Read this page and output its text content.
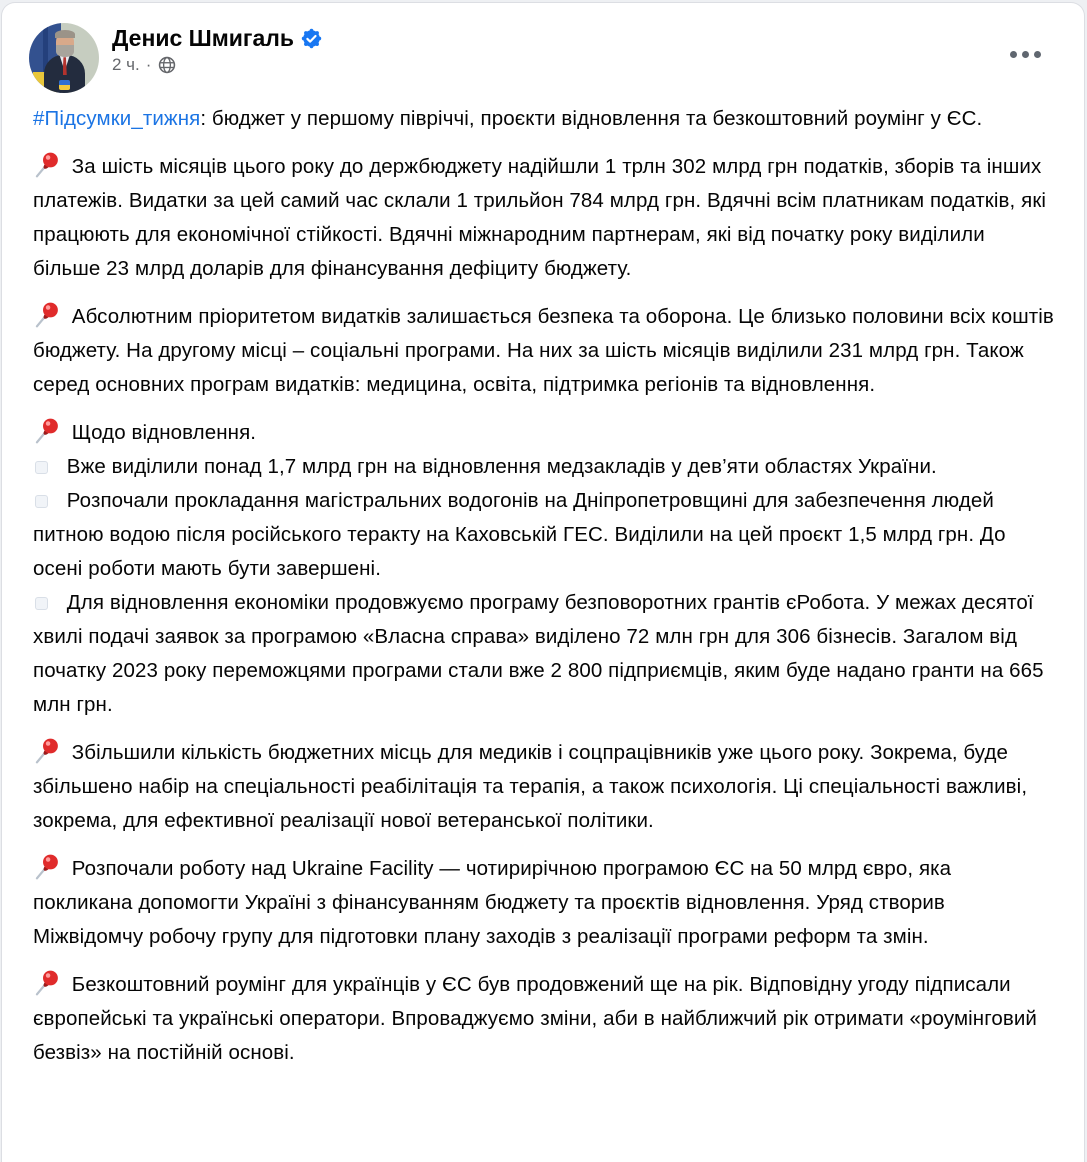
Денис Шмигаль
2 ч. ·
#Підсумки_тижня: бюджет у першому півріччі, проєкти відновлення та безкоштовний роумінг у ЄС.
За шість місяців цього року до держбюджету надійшли 1 трлн 302 млрд грн податків, зборів та інших платежів. Видатки за цей самий час склали 1 трильйон 784 млрд грн. Вдячні всім платникам податків, які працюють для економічної стійкості. Вдячні міжнародним партнерам, які від початку року виділили більше 23 млрд доларів для фінансування дефіциту бюджету.
Абсолютним пріоритетом видатків залишається безпека та оборона. Це близько половини всіх коштів бюджету. На другому місці – соціальні програми. На них за шість місяців виділили 231 млрд грн. Також серед основних програм видатків: медицина, освіта, підтримка регіонів та відновлення.
Щодо відновлення.
Вже виділили понад 1,7 млрд грн на відновлення медзакладів у дев’яти областях України.
Розпочали прокладання магістральних водогонів на Дніпропетровщині для забезпечення людей питною водою після російського теракту на Каховській ГЕС. Виділили на цей проєкт 1,5 млрд грн. До осені роботи мають бути завершені.
Для відновлення економіки продовжуємо програму безповоротних грантів єРобота. У межах десятої хвилі подачі заявок за програмою «Власна справа» виділено 72 млн грн для 306 бізнесів. Загалом від початку 2023 року переможцями програми стали вже 2 800 підприємців, яким буде надано гранти на 665 млн грн.
Збільшили кількість бюджетних місць для медиків і соцпрацівників уже цього року. Зокрема, буде збільшено набір на спеціальності реабілітація та терапія, а також психологія. Ці спеціальності важливі, зокрема, для ефективної реалізації нової ветеранської політики.
Розпочали роботу над Ukraine Facility — чотирирічною програмою ЄС на 50 млрд євро, яка покликана допомогти Україні з фінансуванням бюджету та проєктів відновлення. Уряд створив Міжвідомчу робочу групу для підготовки плану заходів з реалізації програми реформ та змін.
Безкоштовний роумінг для українців у ЄС був продовжений ще на рік. Відповідну угоду підписали європейські та українські оператори. Впроваджуємо зміни, аби в найближчий рік отримати «роумінговий безвіз» на постійній основі.
